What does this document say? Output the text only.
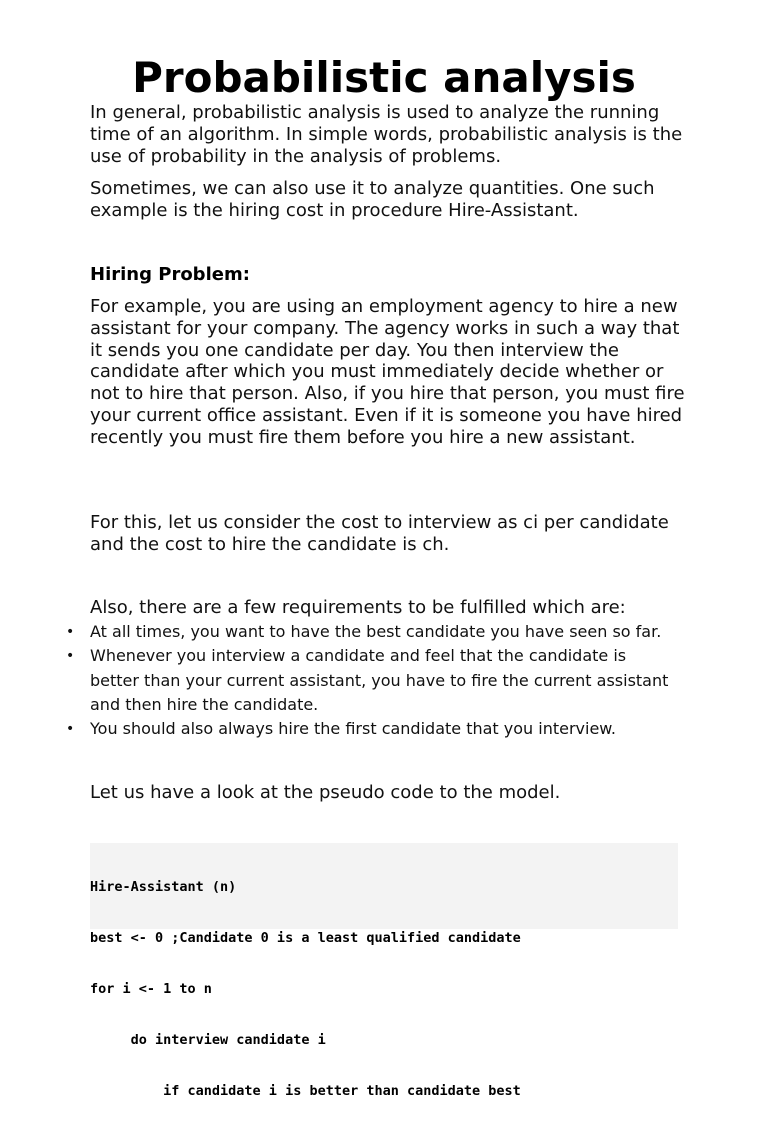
Probabilistic analysis

In general, probabilistic analysis is used to analyze the running time of an algorithm. In simple words, probabilistic analysis is the use of probability in the analysis of problems.

Sometimes, we can also use it to analyze quantities. One such example is the hiring cost in procedure Hire-Assistant.

Hiring Problem:

For example, you are using an employment agency to hire a new assistant for your company. The agency works in such a way that it sends you one candidate per day. You then interview the candidate after which you must immediately decide whether or not to hire that person. Also, if you hire that person, you must fire your current office assistant. Even if it is someone you have hired recently you must fire them before you hire a new assistant.

For this, let us consider the cost to interview as ci per candidate and the cost to hire the candidate is ch.

Also, there are a few requirements to be fulfilled which are:

• At all times, you want to have the best candidate you have seen so far.
• Whenever you interview a candidate and feel that the candidate is better than your current assistant, you have to fire the current assistant and then hire the candidate.
• You should also always hire the first candidate that you interview.

Let us have a look at the pseudo code to the model.

Hire-Assistant (n)

best <- 0 ;Candidate 0 is a least qualified candidate

for i <- 1 to n

do interview candidate i

if candidate i is better than candidate best
